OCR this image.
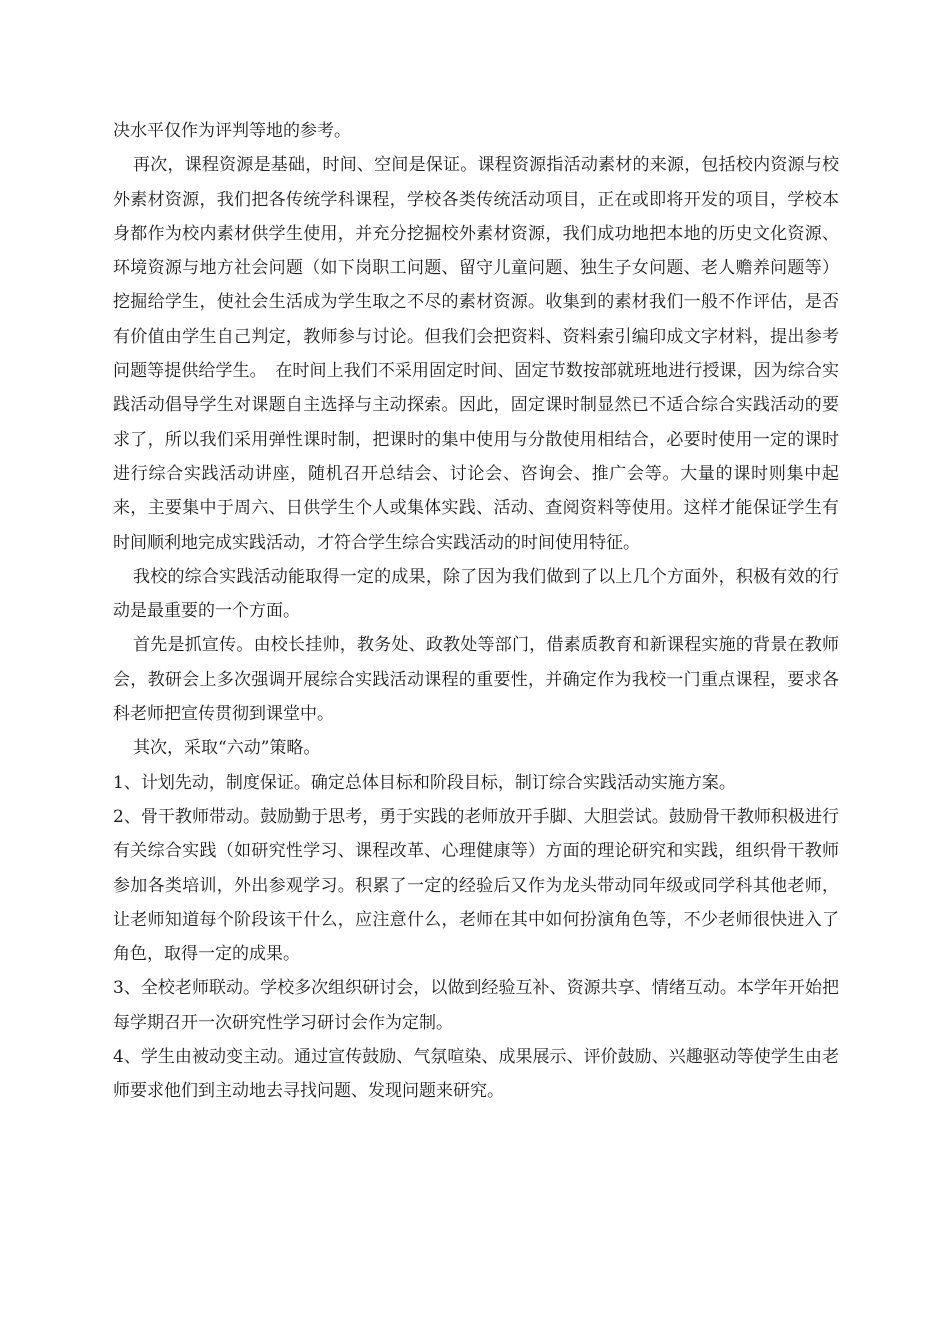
决水平仅作为评判等地的参考。

再次，课程资源是基础，时间、空间是保证。课程资源指活动素材的来源，包括校内资源与校外素材资源，我们把各传统学科课程，学校各类传统活动项目，正在或即将开发的项目，学校本身都作为校内素材供学生使用，并充分挖掘校外素材资源，我们成功地把本地的历史文化资源、环境资源与地方社会问题（如下岗职工问题、留守儿童问题、独生子女问题、老人赡养问题等）挖掘给学生，使社会生活成为学生取之不尽的素材资源。收集到的素材我们一般不作评估，是否有价值由学生自己判定，教师参与讨论。但我们会把资料、资料索引编印成文字材料，提出参考问题等提供给学生。　在时间上我们不采用固定时间、固定节数按部就班地进行授课，因为综合实践活动倡导学生对课题自主选择与主动探索。因此，固定课时制显然已不适合综合实践活动的要求了，所以我们采用弹性课时制，把课时的集中使用与分散使用相结合，必要时使用一定的课时进行综合实践活动讲座，随机召开总结会、讨论会、咨询会、推广会等。大量的课时则集中起来，主要集中于周六、日供学生个人或集体实践、活动、查阅资料等使用。这样才能保证学生有时间顺利地完成实践活动，才符合学生综合实践活动的时间使用特征。

我校的综合实践活动能取得一定的成果，除了因为我们做到了以上几个方面外，积极有效的行动是最重要的一个方面。

首先是抓宣传。由校长挂帅，教务处、政教处等部门，借素质教育和新课程实施的背景在教师会，教研会上多次强调开展综合实践活动课程的重要性，并确定作为我校一门重点课程，要求各科老师把宣传贯彻到课堂中。

其次，采取“六动”策略。

1、计划先动，制度保证。确定总体目标和阶段目标，制订综合实践活动实施方案。

2、骨干教师带动。鼓励勤于思考，勇于实践的老师放开手脚、大胆尝试。鼓励骨干教师积极进行有关综合实践（如研究性学习、课程改革、心理健康等）方面的理论研究和实践，组织骨干教师参加各类培训，外出参观学习。积累了一定的经验后又作为龙头带动同年级或同学科其他老师，让老师知道每个阶段该干什么，应注意什么，老师在其中如何扮演角色等，不少老师很快进入了角色，取得一定的成果。

3、全校老师联动。学校多次组织研讨会，以做到经验互补、资源共享、情绪互动。本学年开始把每学期召开一次研究性学习研讨会作为定制。

4、学生由被动变主动。通过宣传鼓励、气氛喧染、成果展示、评价鼓励、兴趣驱动等使学生由老师要求他们到主动地去寻找问题、发现问题来研究。
